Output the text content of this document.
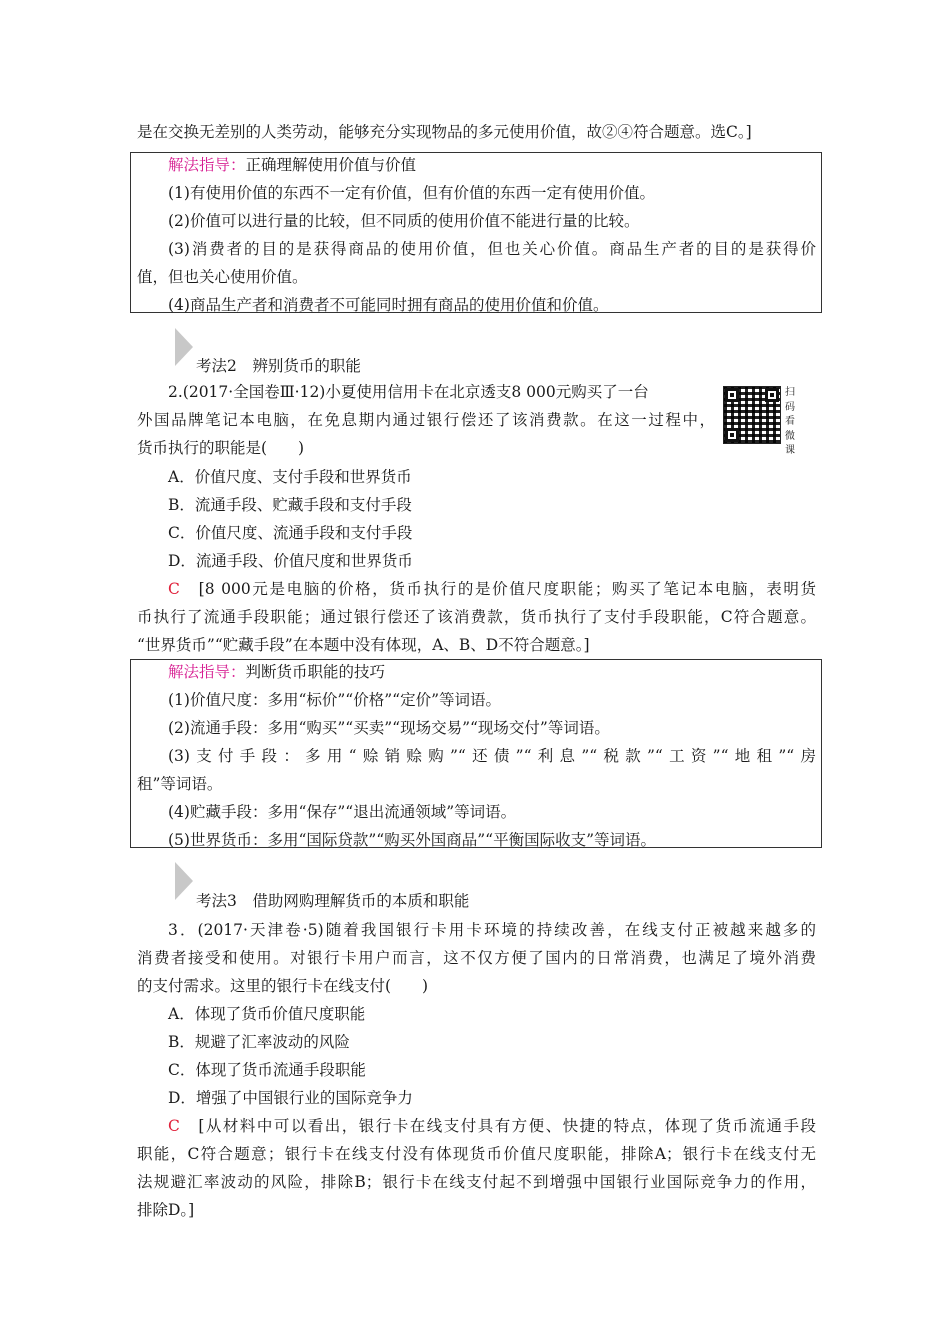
是在交换无差别的人类劳动，能够充分实现物品的多元使用价值，故②④符合题意。选C。]
解法指导：正确理解使用价值与价值
(1)有使用价值的东西不一定有价值，但有价值的东西一定有使用价值。
(2)价值可以进行量的比较，但不同质的使用价值不能进行量的比较。
(3)消费者的目的是获得商品的使用价值，但也关心价值。商品生产者的目的是获得价
值，但也关心使用价值。
(4)商品生产者和消费者不可能同时拥有商品的使用价值和价值。
考法2　辨别货币的职能
2.(2017·全国卷Ⅲ·12)小夏使用信用卡在北京透支8 000元购买了一台
外国品牌笔记本电脑，在免息期内通过银行偿还了该消费款。在这一过程中，
货币执行的职能是(　　)
扫码看微课
A．价值尺度、支付手段和世界货币
B．流通手段、贮藏手段和支付手段
C．价值尺度、流通手段和支付手段
D．流通手段、价值尺度和世界货币
C　 [8 000元是电脑的价格，货币执行的是价值尺度职能；购买了笔记本电脑，表明货
币执行了流通手段职能；通过银行偿还了该消费款，货币执行了支付手段职能，C符合题意。
“世界货币”“贮藏手段”在本题中没有体现，A、B、D不符合题意。]
解法指导：判断货币职能的技巧
(1)价值尺度：多用“标价”“价格”“定价”等词语。
(2)流通手段：多用“购买”“买卖”“现场交易”“现场交付”等词语。
(3)支付手段：多用“赊销赊购”“还债”“利息”“税款”“工资”“地租”“房
租”等词语。
(4)贮藏手段：多用“保存”“退出流通领域”等词语。
(5)世界货币：多用“国际贷款”“购买外国商品”“平衡国际收支”等词语。
考法3　借助网购理解货币的本质和职能
3．(2017·天津卷·5)随着我国银行卡用卡环境的持续改善，在线支付正被越来越多的
消费者接受和使用。对银行卡用户而言，这不仅方便了国内的日常消费，也满足了境外消费
的支付需求。这里的银行卡在线支付(　　)
A．体现了货币价值尺度职能
B．规避了汇率波动的风险
C．体现了货币流通手段职能
D．增强了中国银行业的国际竞争力
C　 [从材料中可以看出，银行卡在线支付具有方便、快捷的特点，体现了货币流通手段
职能，C符合题意；银行卡在线支付没有体现货币价值尺度职能，排除A；银行卡在线支付无
法规避汇率波动的风险，排除B；银行卡在线支付起不到增强中国银行业国际竞争力的作用，
排除D。]
